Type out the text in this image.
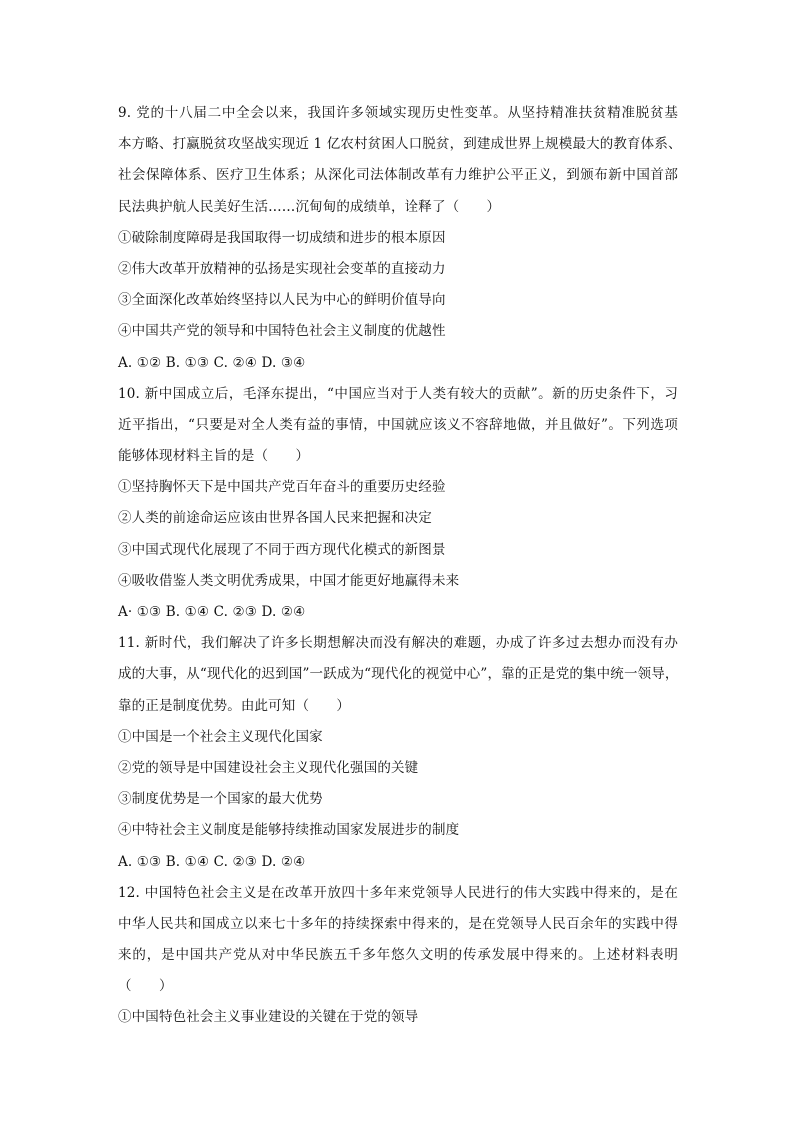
9. 党的十八届二中全会以来，我国许多领域实现历史性变革。从坚持精准扶贫精准脱贫基
本方略、打赢脱贫攻坚战实现近 1 亿农村贫困人口脱贫，到建成世界上规模最大的教育体系、
社会保障体系、医疗卫生体系；从深化司法体制改革有力维护公平正义，到颁布新中国首部
民法典护航人民美好生活……沉甸甸的成绩单，诠释了（　　）
①破除制度障碍是我国取得一切成绩和进步的根本原因
②伟大改革开放精神的弘扬是实现社会变革的直接动力
③全面深化改革始终坚持以人民为中心的鲜明价值导向
④中国共产党的领导和中国特色社会主义制度的优越性
A. ①② B. ①③ C. ②④ D. ③④
10. 新中国成立后，毛泽东提出，“中国应当对于人类有较大的贡献”。新的历史条件下，习
近平指出，“只要是对全人类有益的事情，中国就应该义不容辞地做，并且做好”。下列选项
能够体现材料主旨的是（　　）
①坚持胸怀天下是中国共产党百年奋斗的重要历史经验
②人类的前途命运应该由世界各国人民来把握和决定
③中国式现代化展现了不同于西方现代化模式的新图景
④吸收借鉴人类文明优秀成果，中国才能更好地赢得未来
A· ①③ B. ①④ C. ②③ D. ②④
11. 新时代，我们解决了许多长期想解决而没有解决的难题，办成了许多过去想办而没有办
成的大事，从“现代化的迟到国”一跃成为“现代化的视觉中心”，靠的正是党的集中统一领导，
靠的正是制度优势。由此可知（　　）
①中国是一个社会主义现代化国家
②党的领导是中国建设社会主义现代化强国的关键
③制度优势是一个国家的最大优势
④中特社会主义制度是能够持续推动国家发展进步的制度
A. ①③ B. ①④ C. ②③ D. ②④
12. 中国特色社会主义是在改革开放四十多年来党领导人民进行的伟大实践中得来的，是在
中华人民共和国成立以来七十多年的持续探索中得来的，是在党领导人民百余年的实践中得
来的，是中国共产党从对中华民族五千多年悠久文明的传承发展中得来的。上述材料表明
（　　）
①中国特色社会主义事业建设的关键在于党的领导
